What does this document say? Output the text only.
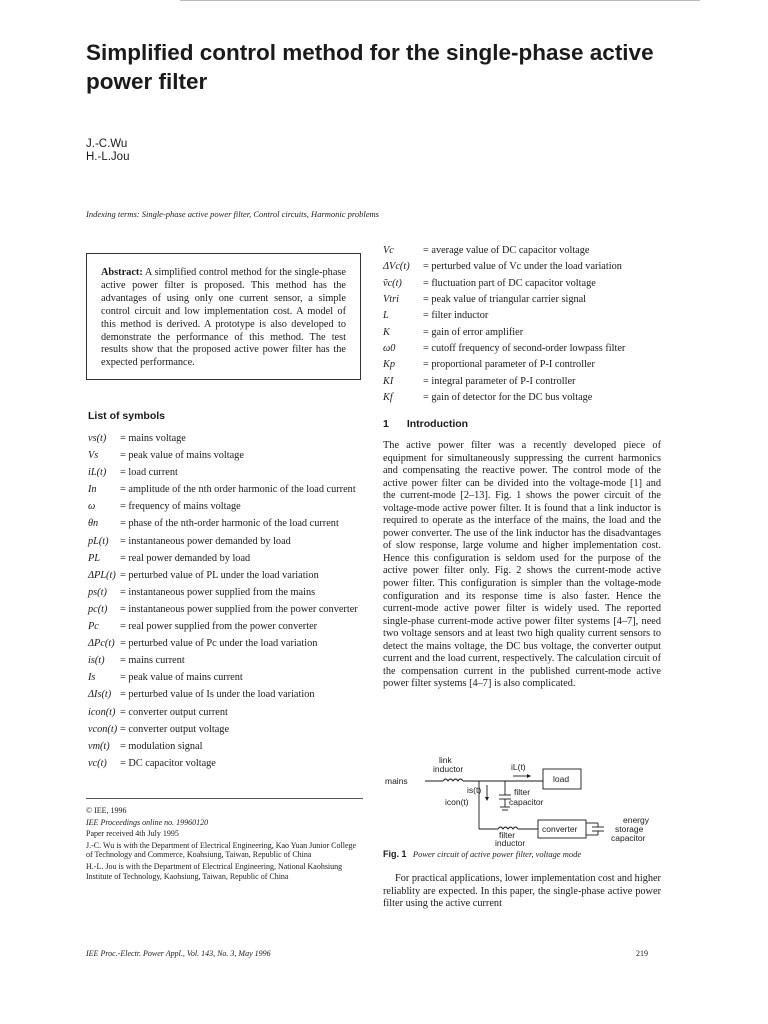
Simplified control method for the single-phase active power filter
J.-C.Wu
H.-L.Jou
Indexing terms: Single-phase active power filter, Control circuits, Harmonic problems
Abstract: A simplified control method for the single-phase active power filter is proposed. This method has the advantages of using only one current sensor, a simple control circuit and low implementation cost. A model of this method is derived. A prototype is also developed to demonstrate the performance of this method. The test results show that the proposed active power filter has the expected performance.
List of symbols
vs(t)	= mains voltage
Vs	= peak value of mains voltage
iL(t)	= load current
In	= amplitude of the nth order harmonic of the load current
ω	= frequency of mains voltage
θn	= phase of the nth-order harmonic of the load current
pL(t)	= instantaneous power demanded by load
PL	= real power demanded by load
ΔPL(t) = perturbed value of PL under the load variation
ps(t)	= instantaneous power supplied from the mains
pc(t)	= instantaneous power supplied from the power converter
Pc	= real power supplied from the power converter
ΔPc(t) = perturbed value of Pc under the load variation
is(t)	= mains current
Is	= peak value of mains current
ΔIs(t) = perturbed value of Is under the load variation
icon(t) = converter output current
vcon(t) = converter output voltage
vm(t) = modulation signal
vc(t)	= DC capacitor voltage
Vc	= average value of DC capacitor voltage
ΔVc(t)	= perturbed value of Vc under the load variation
ṽc(t)	= fluctuation part of DC capacitor voltage
Vtri	= peak value of triangular carrier signal
L	= filter inductor
K	= gain of error amplifier
ω0	= cutoff frequency of second-order lowpass filter
Kp	= proportional parameter of P-I controller
KI	= integral parameter of P-I controller
Kf	= gain of detector for the DC bus voltage
© IEE, 1996
IEE Proceedings online no. 19960120
Paper received 4th July 1995
J.-C. Wu is with the Department of Electrical Engineering, Kao Yuan Junior College of Technology and Commerce, Koahsiung, Taiwan, Republic of China
H.-L. Jou is with the Department of Electrical Engineering, National Kaohsiung Institute of Technology, Kaohsiung, Taiwan, Republic of China
1 Introduction
The active power filter was a recently developed piece of equipment for simultaneously suppressing the current harmonics and compensating the reactive power. The control mode of the active power filter can be divided into the voltage-mode [1] and the current-mode [2–13]. Fig. 1 shows the power circuit of the voltage-mode active power filter. It is found that a link inductor is required to operate as the interface of the mains, the load and the power converter. The use of the link inductor has the disadvantages of slow response, large volume and higher implementation cost. Hence this configuration is seldom used for the purpose of the active power filter only. Fig. 2 shows the current-mode active power filter. This configuration is simpler than the voltage-mode configuration and its response time is also faster. Hence the current-mode active power filter is widely used. The reported single-phase current-mode active power filter systems [4–7], need two voltage sensors and at least two high quality current sensors to detect the mains voltage, the DC bus voltage, the converter output current and the load current, respectively. The calculation circuit of the compensation current in the published current-mode active power filter systems [4–7] is also complicated.
link
inductor
mains
iL(t)
load
is(t)
icon(t)
filter
capacitor
converter
energy
storage
capacitor
filter
inductor
Fig. 1 Power circuit of active power filter, voltage mode
For practical applications, lower implementation cost and higher reliablity are expected. In this paper, the single-phase active power filter using the active current
IEE Proc.-Electr. Power Appl., Vol. 143, No. 3, May 1996	219
